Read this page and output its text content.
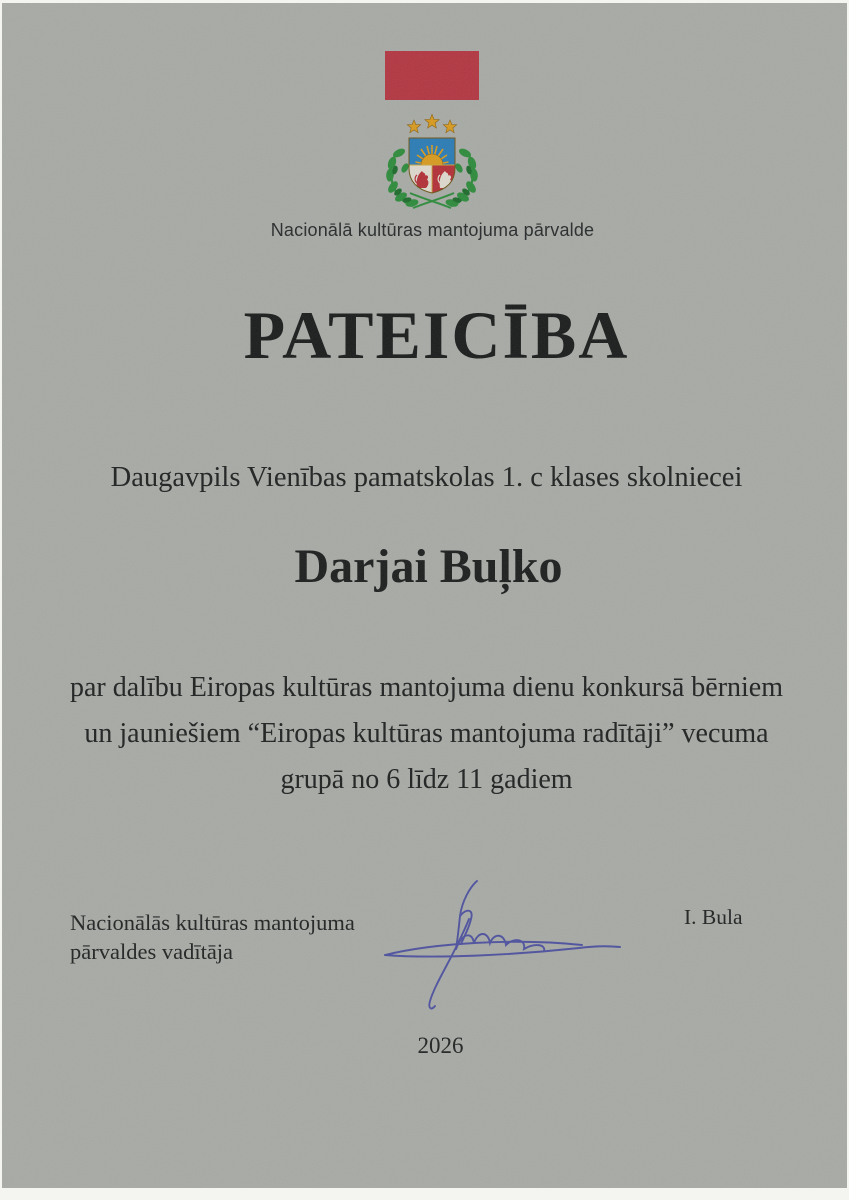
Nacionālā kultūras mantojuma pārvalde
PATEICĪBA
Daugavpils Vienības pamatskolas 1. c klases skolniecei
Darjai Buļko
par dalību Eiropas kultūras mantojuma dienu konkursā bērniem
un jauniešiem “Eiropas kultūras mantojuma radītāji” vecuma
grupā no 6 līdz 11 gadiem
Nacionālās kultūras mantojuma
pārvaldes vadītāja
I. Bula
2026
